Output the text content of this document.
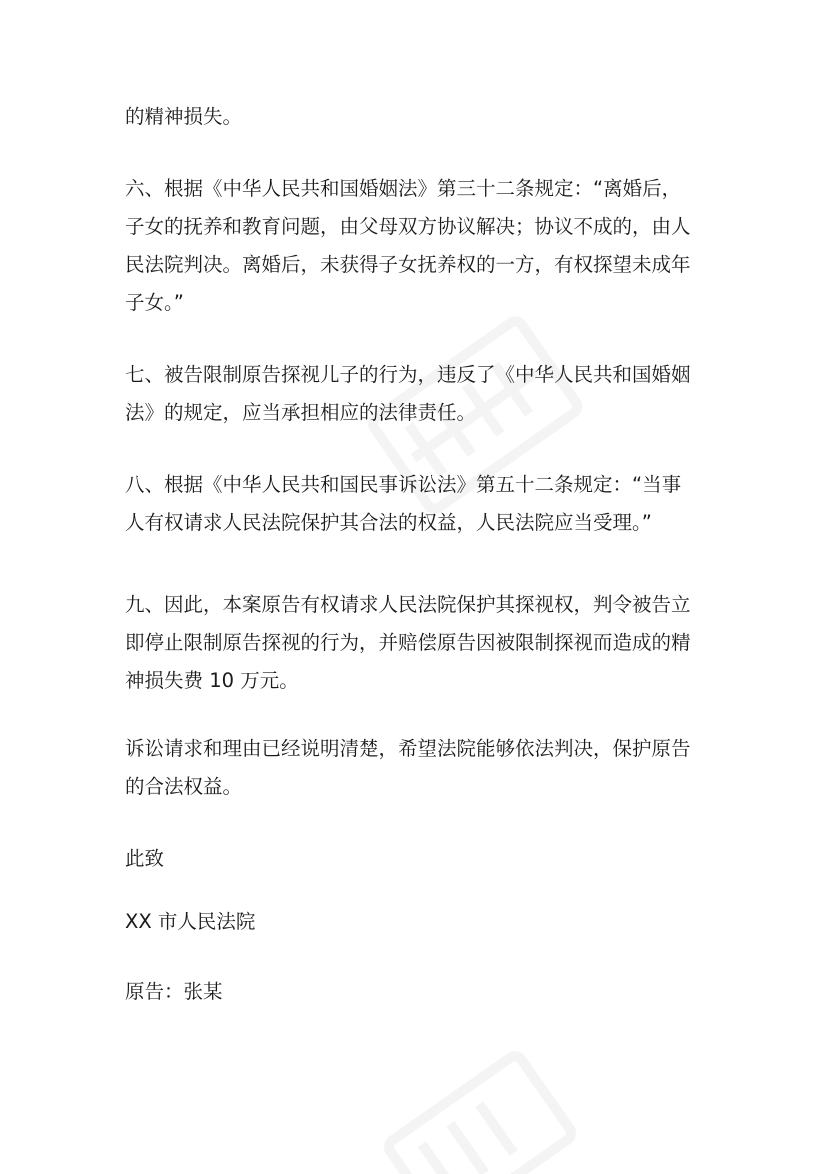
的精神损失。

六、根据《中华人民共和国婚姻法》第三十二条规定：“离婚后，
子女的抚养和教育问题，由父母双方协议解决；协议不成的，由人
民法院判决。离婚后，未获得子女抚养权的一方，有权探望未成年
子女。”

七、被告限制原告探视儿子的行为，违反了《中华人民共和国婚姻
法》的规定，应当承担相应的法律责任。

八、根据《中华人民共和国民事诉讼法》第五十二条规定：“当事
人有权请求人民法院保护其合法的权益，人民法院应当受理。”

九、因此，本案原告有权请求人民法院保护其探视权，判令被告立
即停止限制原告探视的行为，并赔偿原告因被限制探视而造成的精
神损失费 10 万元。

诉讼请求和理由已经说明清楚，希望法院能够依法判决，保护原告
的合法权益。

此致

XX 市人民法院

原告：张某
